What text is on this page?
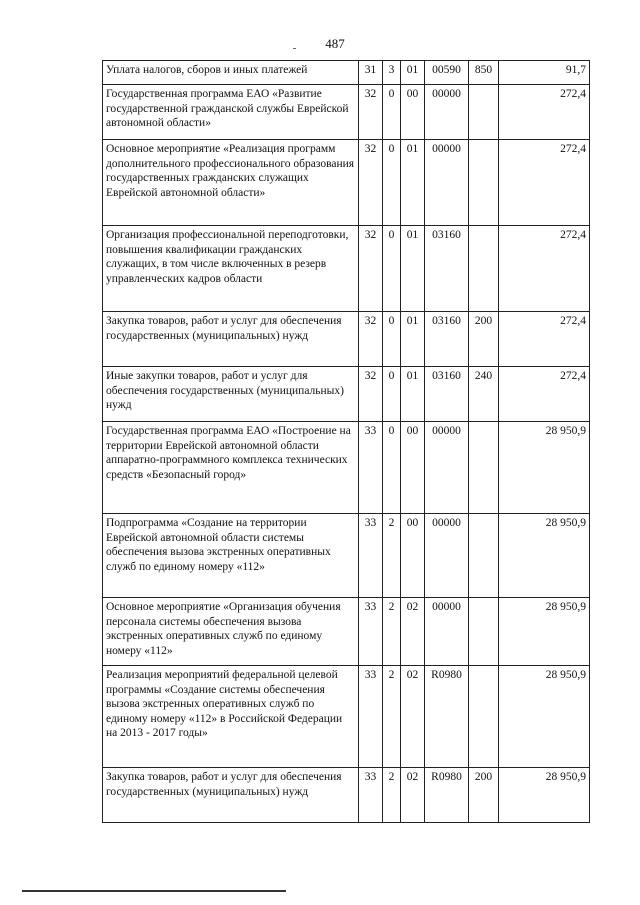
487
Уплата налогов, сборов и иных платежей	31	3	01	00590	850	91,7
Государственная программа ЕАО «Развитие государственной гражданской службы Еврейской автономной области»	32	0	00	00000		272,4
Основное мероприятие «Реализация программ дополнительного профессионального образования государственных гражданских служащих Еврейской автономной области»	32	0	01	00000		272,4
Организация профессиональной переподготовки, повышения квалификации гражданских служащих, в том числе включенных в резерв управленческих кадров области	32	0	01	03160		272,4
Закупка товаров, работ и услуг для обеспечения государственных (муниципальных) нужд	32	0	01	03160	200	272,4
Иные закупки товаров, работ и услуг для обеспечения государственных (муниципальных) нужд	32	0	01	03160	240	272,4
Государственная программа ЕАО «Построение на территории Еврейской автономной области аппаратно-программного комплекса технических средств «Безопасный город»	33	0	00	00000		28 950,9
Подпрограмма «Создание на территории Еврейской автономной области системы обеспечения вызова экстренных оперативных служб по единому номеру «112»	33	2	00	00000		28 950,9
Основное мероприятие «Организация обучения персонала системы обеспечения вызова экстренных оперативных служб по единому номеру «112»	33	2	02	00000		28 950,9
Реализация мероприятий федеральной целевой программы «Создание системы обеспечения вызова экстренных оперативных служб по единому номеру «112» в Российской Федерации на 2013 - 2017 годы»	33	2	02	R0980		28 950,9
Закупка товаров, работ и услуг для обеспечения государственных (муниципальных) нужд	33	2	02	R0980	200	28 950,9
